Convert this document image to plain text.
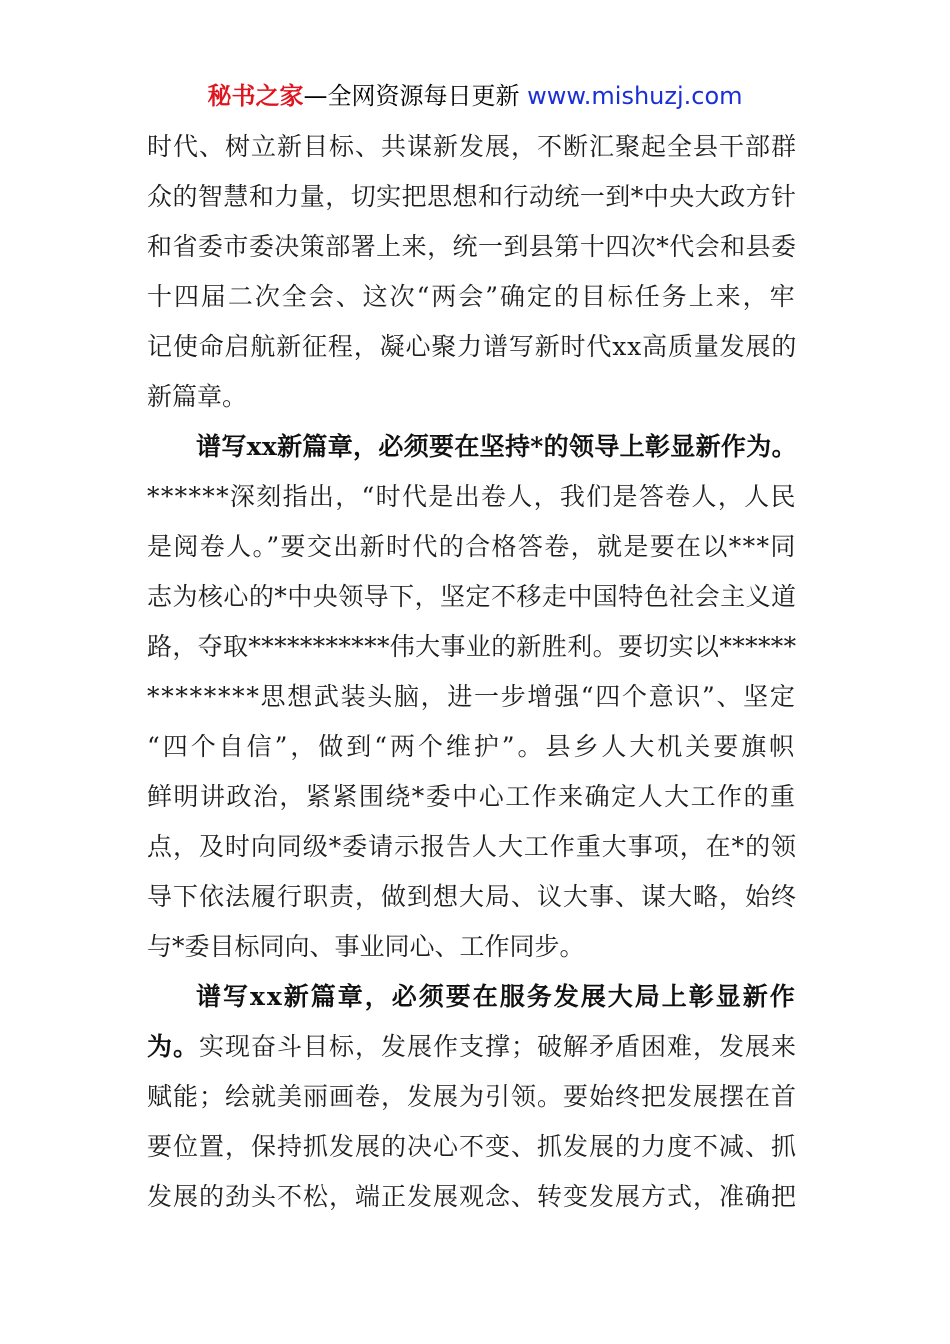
秘书之家—全网资源每日更新 www.mishuzj.com
时代、树立新目标、共谋新发展，不断汇聚起全县干部群
众的智慧和力量，切实把思想和行动统一到*中央大政方针
和省委市委决策部署上来，统一到县第十四次*代会和县委
十四届二次全会、这次“两会”确定的目标任务上来，牢
记使命启航新征程，凝心聚力谱写新时代xx高质量发展的
新篇章。
谱写xx新篇章，必须要在坚持*的领导上彰显新作为。
******深刻指出，“时代是出卷人，我们是答卷人，人民
是阅卷人。”要交出新时代的合格答卷，就是要在以***同
志为核心的*中央领导下，坚定不移走中国特色社会主义道
路，夺取***********伟大事业的新胜利。要切实以******
********思想武装头脑，进一步增强“四个意识”、坚定
“四个自信”，做到“两个维护”。县乡人大机关要旗帜
鲜明讲政治，紧紧围绕*委中心工作来确定人大工作的重
点，及时向同级*委请示报告人大工作重大事项，在*的领
导下依法履行职责，做到想大局、议大事、谋大略，始终
与*委目标同向、事业同心、工作同步。
谱写xx新篇章，必须要在服务发展大局上彰显新作
为。实现奋斗目标，发展作支撑；破解矛盾困难，发展来
赋能；绘就美丽画卷，发展为引领。要始终把发展摆在首
要位置，保持抓发展的决心不变、抓发展的力度不减、抓
发展的劲头不松，端正发展观念、转变发展方式，准确把
